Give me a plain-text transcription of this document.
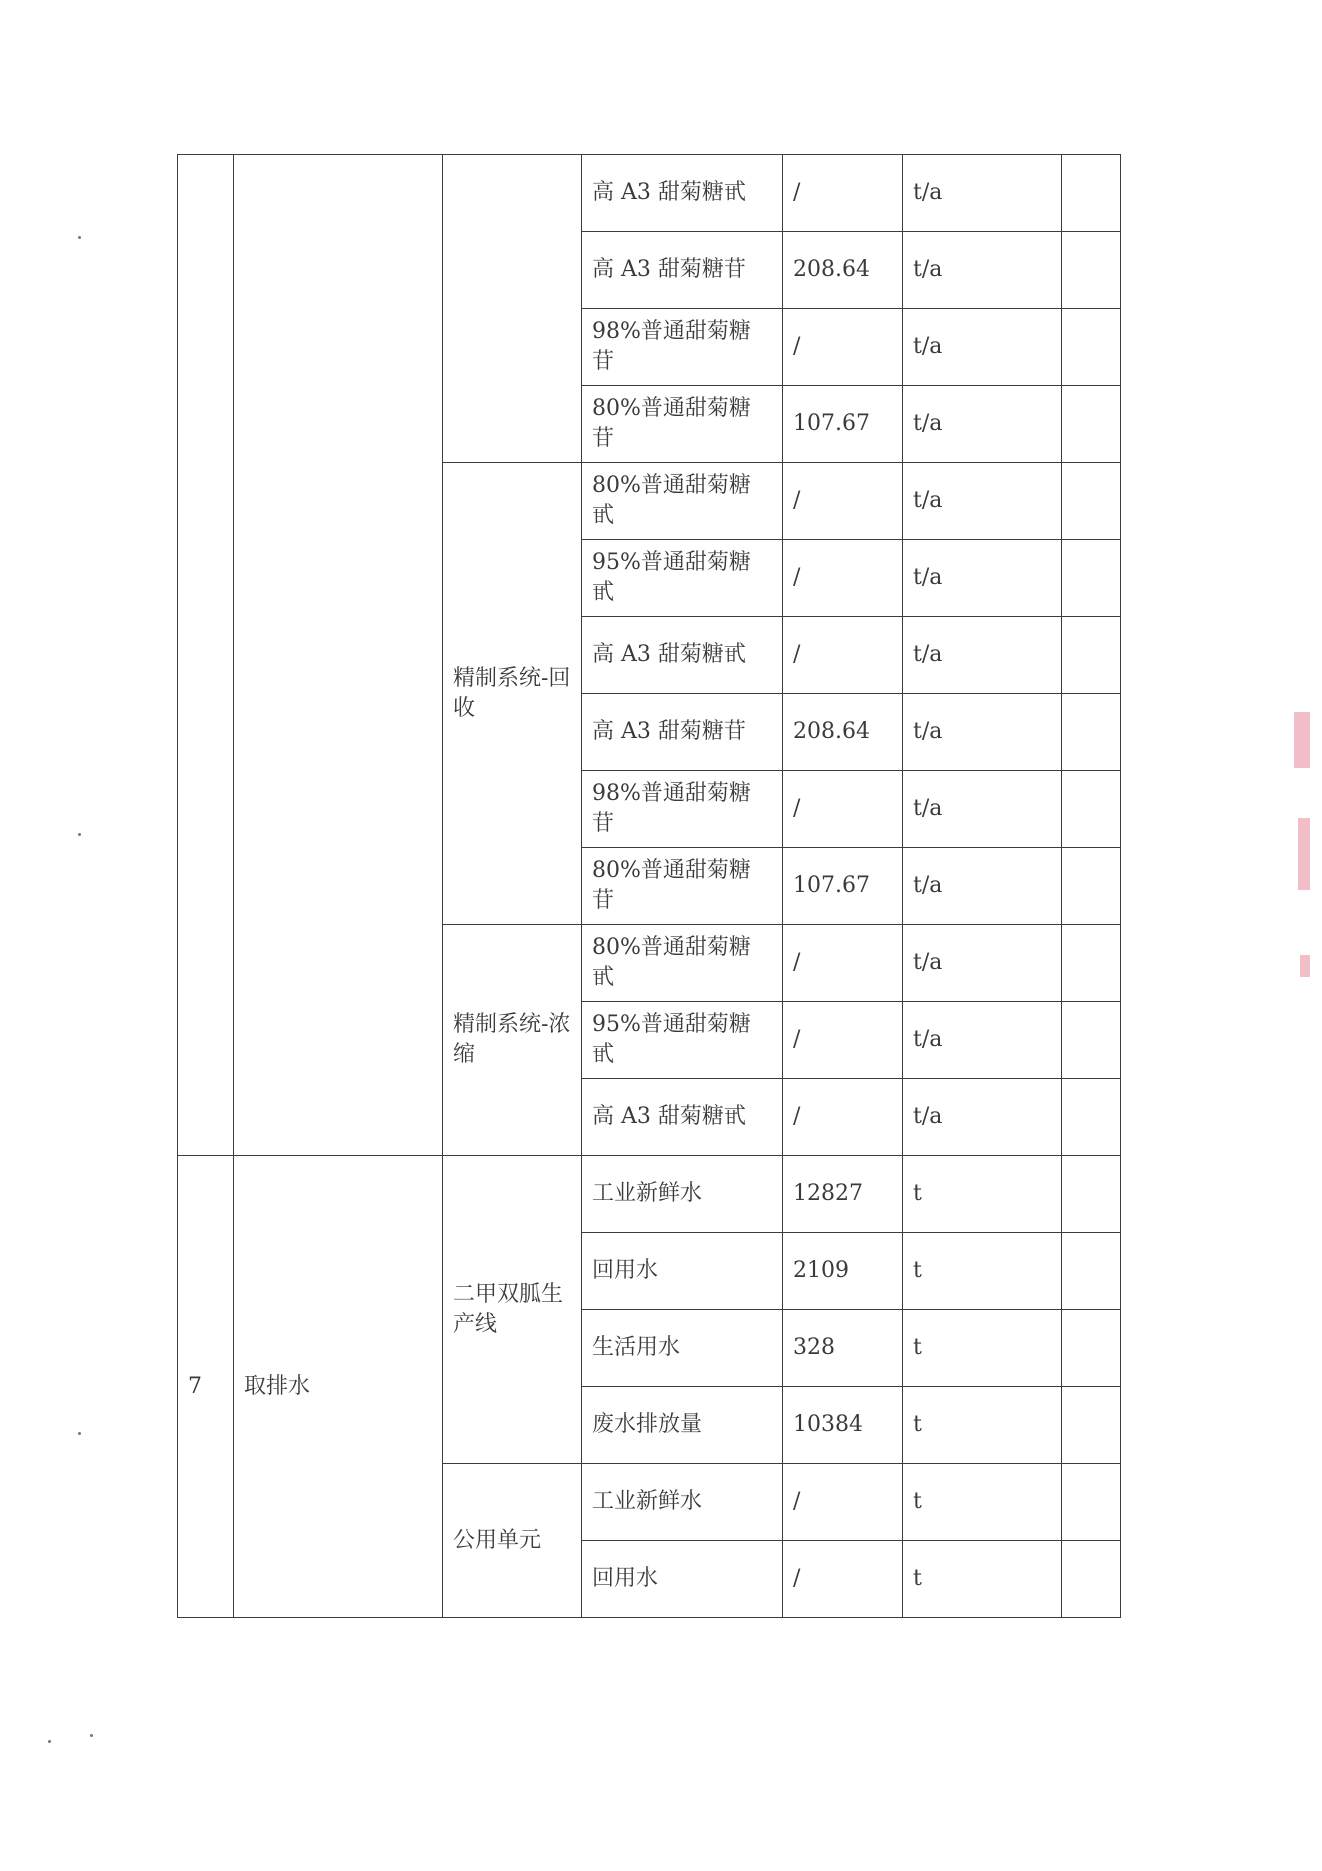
			高 A3 甜菊糖甙	/	t/a	
			高 A3 甜菊糖苷	208.64	t/a	
			98%普通甜菊糖苷	/	t/a	
			80%普通甜菊糖苷	107.67	t/a	
		精制系统-回收	80%普通甜菊糖甙	/	t/a	
			95%普通甜菊糖甙	/	t/a	
			高 A3 甜菊糖甙	/	t/a	
			高 A3 甜菊糖苷	208.64	t/a	
			98%普通甜菊糖苷	/	t/a	
			80%普通甜菊糖苷	107.67	t/a	
		精制系统-浓缩	80%普通甜菊糖甙	/	t/a	
			95%普通甜菊糖甙	/	t/a	
			高 A3 甜菊糖甙	/	t/a	
7	取排水	二甲双胍生产线	工业新鲜水	12827	t	
			回用水	2109	t	
			生活用水	328	t	
			废水排放量	10384	t	
		公用单元	工业新鲜水	/	t	
			回用水	/	t	
